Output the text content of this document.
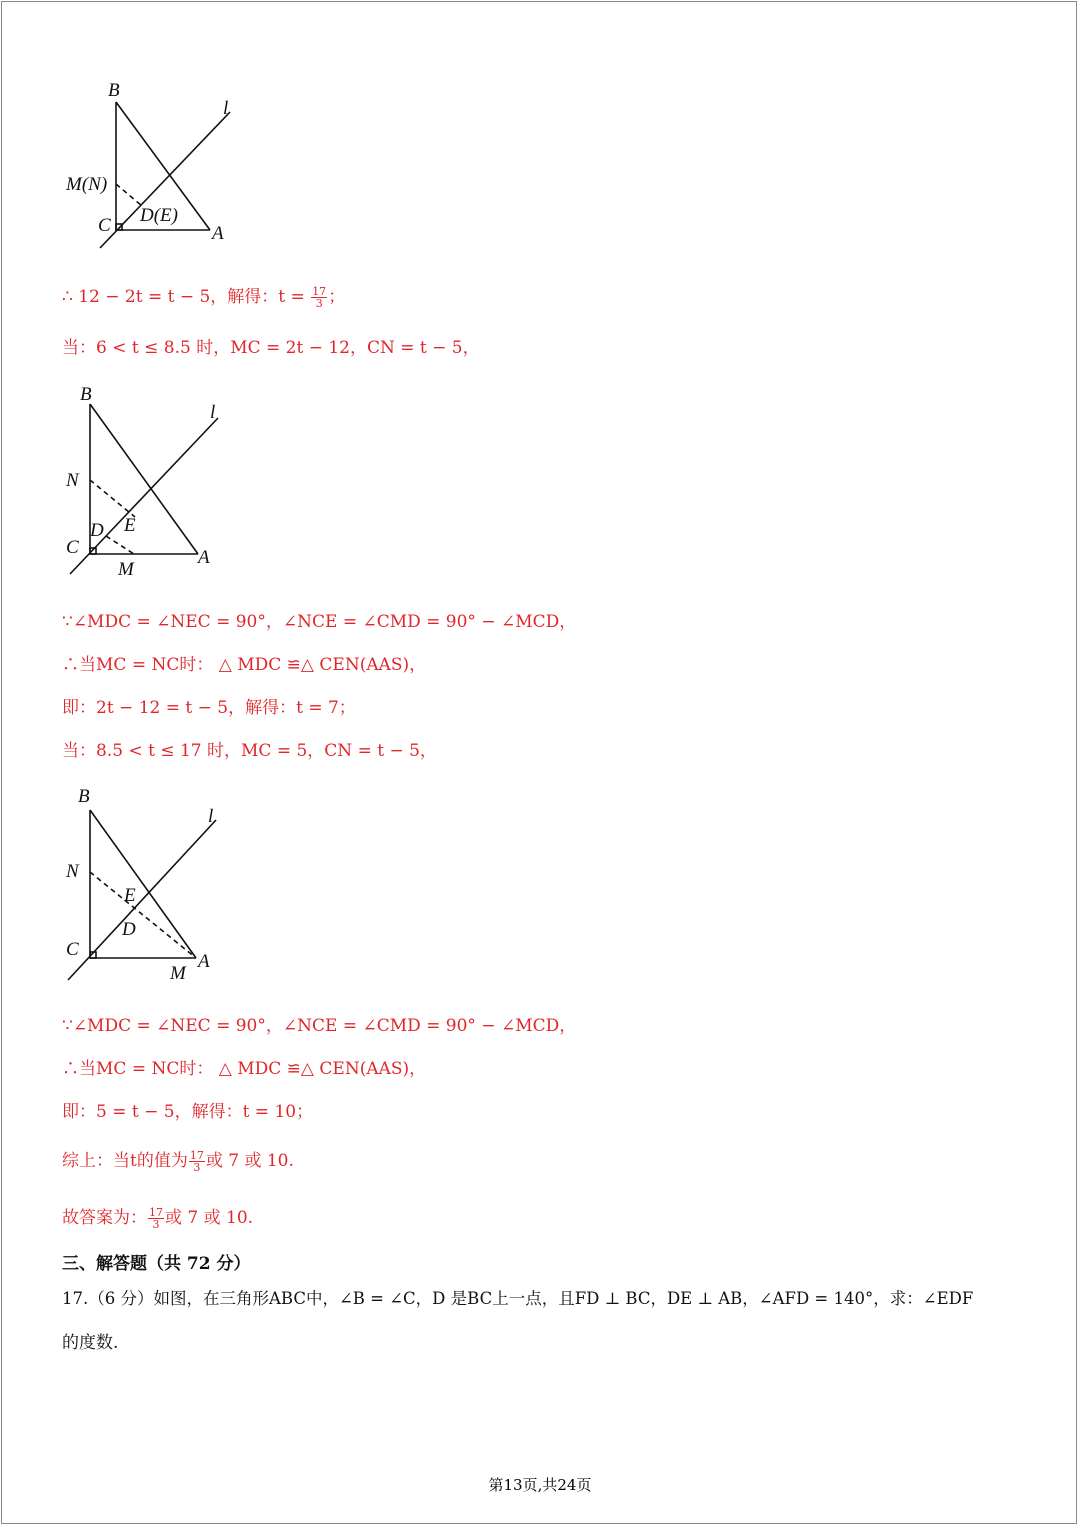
B
l
M(N)
C D(E)
A
∴ 12 − 2t = t − 5，解得：$t = \frac{17}{3}$ ；
当：6 < t ≤ 8.5 时，MC = 2t − 12，CN = t − 5，
B
l
N
D E
C
M
A
∵∠MDC = ∠NEC = 90°，∠NCE = ∠CMD = 90° − ∠MCD，
∴当MC = NC时： △ MDC ≌△ CEN(AAS)，
即：2t − 12 = t − 5，解得：t = 7；
当：8.5 < t ≤ 17 时，MC = 5，CN = t − 5，
B
l
N
E
D
C
M
A
∵∠MDC = ∠NEC = 90°，∠NCE = ∠CMD = 90° − ∠MCD，
∴当MC = NC时： △ MDC ≌△ CEN(AAS)，
即：5 = t − 5，解得：t = 10；
综上：当t的值为 $\frac{17}{3}$ 或 7 或 10.
故答案为： $\frac{17}{3}$ 或 7 或 10.
三、解答题（共 72 分）
17.（6 分）如图，在三角形ABC中，∠B = ∠C，D 是BC上一点，且FD ⊥ BC，DE ⊥ AB，∠AFD = 140°，求：∠EDF
的度数.
第13页,共24页
